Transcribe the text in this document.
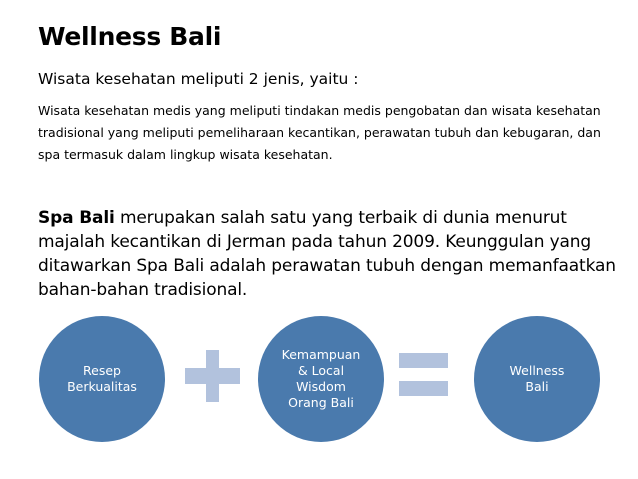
Wellness Bali
Wisata kesehatan meliputi 2 jenis, yaitu :
Wisata kesehatan medis yang meliputi tindakan medis pengobatan dan wisata kesehatan tradisional yang meliputi pemeliharaan kecantikan, perawatan tubuh dan kebugaran, dan spa termasuk dalam lingkup wisata kesehatan.
Spa Bali merupakan salah satu yang terbaik di dunia menurut majalah kecantikan di Jerman pada tahun 2009. Keunggulan yang ditawarkan Spa Bali adalah perawatan tubuh dengan memanfaatkan bahan-bahan tradisional.
Resep
Berkualitas
Kemampuan
& Local
Wisdom
Orang Bali
Wellness
Bali
